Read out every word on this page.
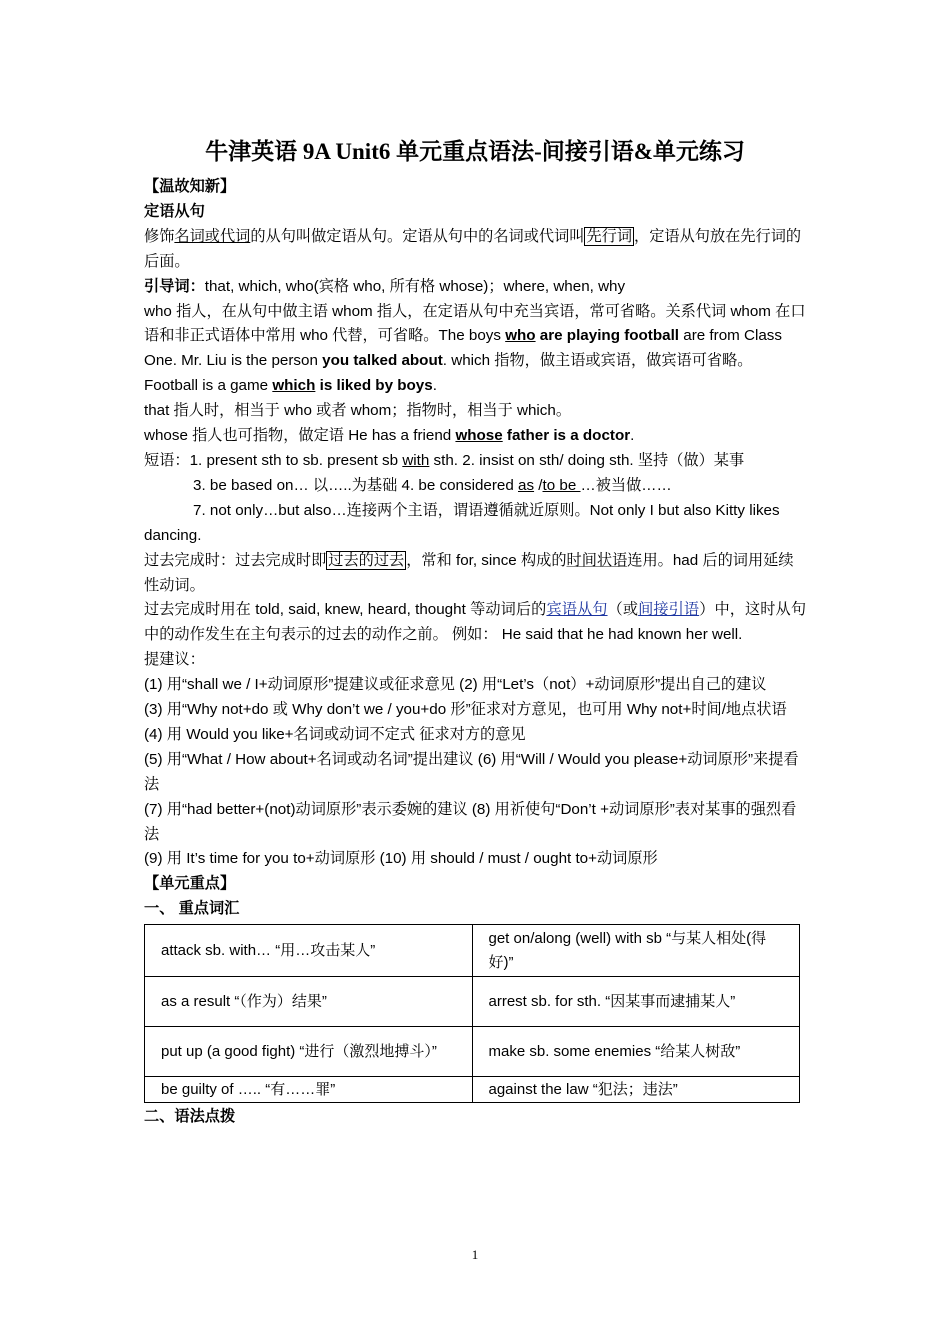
牛津英语 9A Unit6 单元重点语法-间接引语&单元练习
【温故知新】
定语从句
修饰名词或代词的从句叫做定语从句。定语从句中的名词或代词叫 先行词 ，定语从句放在先行词的后面。
引导词：that, which, who(宾格 who, 所有格 whose)；where, when, why
who 指人，在从句中做主语 whom 指人，在定语从句中充当宾语，常可省略。关系代词 whom 在口语和非正式语体中常用 who 代替，可省略。The boys who are playing football are from Class One. Mr. Liu is the person you talked about. which 指物，做主语或宾语，做宾语可省略。Football is a game which is liked by boys.
that 指人时，相当于 who 或者 whom；指物时，相当于 which。
whose 指人也可指物，做定语 He has a friend whose father is a doctor.
短语：1. present sth to sb. present sb with sth. 2. insist on sth/ doing sth. 坚持（做）某事
3. be based on… 以…..为基础 4. be considered as /to be …被当做……
7. not only…but also…连接两个主语，谓语遵循就近原则。Not only I but also Kitty likes dancing.
过去完成时：过去完成时即 过去的过去 ，常和 for, since 构成的时间状语连用。had 后的词用延续性动词。
过去完成时用在 told, said, knew, heard, thought 等动词后的宾语从句（或间接引语）中，这时从句中的动作发生在主句表示的过去的动作之前。 例如： He said that he had known her well.
提建议：
(1) 用“shall we / I+动词原形”提建议或征求意见 (2) 用“Let’s（not）+动词原形”提出自己的建议
(3) 用“Why not+do 或 Why don’t we / you+do 形”征求对方意见，也可用 Why not+时间/地点状语
(4) 用 Would you like+名词或动词不定式 征求对方的意见
(5) 用“What / How about+名词或动名词”提出建议 (6) 用“Will / Would you please+动词原形”来提看法
(7) 用“had better+(not)动词原形”表示委婉的建议 (8) 用祈使句“Don’t +动词原形”表对某事的强烈看法
(9) 用 It’s time for you to+动词原形 (10) 用 should / must / ought to+动词原形
【单元重点】
一、 重点词汇
attack sb. with… “用…攻击某人”	get on/along (well) with sb “与某人相处(得好)”
as a result “（作为）结果”	arrest sb. for sth. “因某事而逮捕某人”
put up (a good fight) “进行（激烈地搏斗）”	make sb. some enemies “给某人树敌”
be guilty of ….. “有……罪”	against the law “犯法；违法”
二、语法点拨
1
